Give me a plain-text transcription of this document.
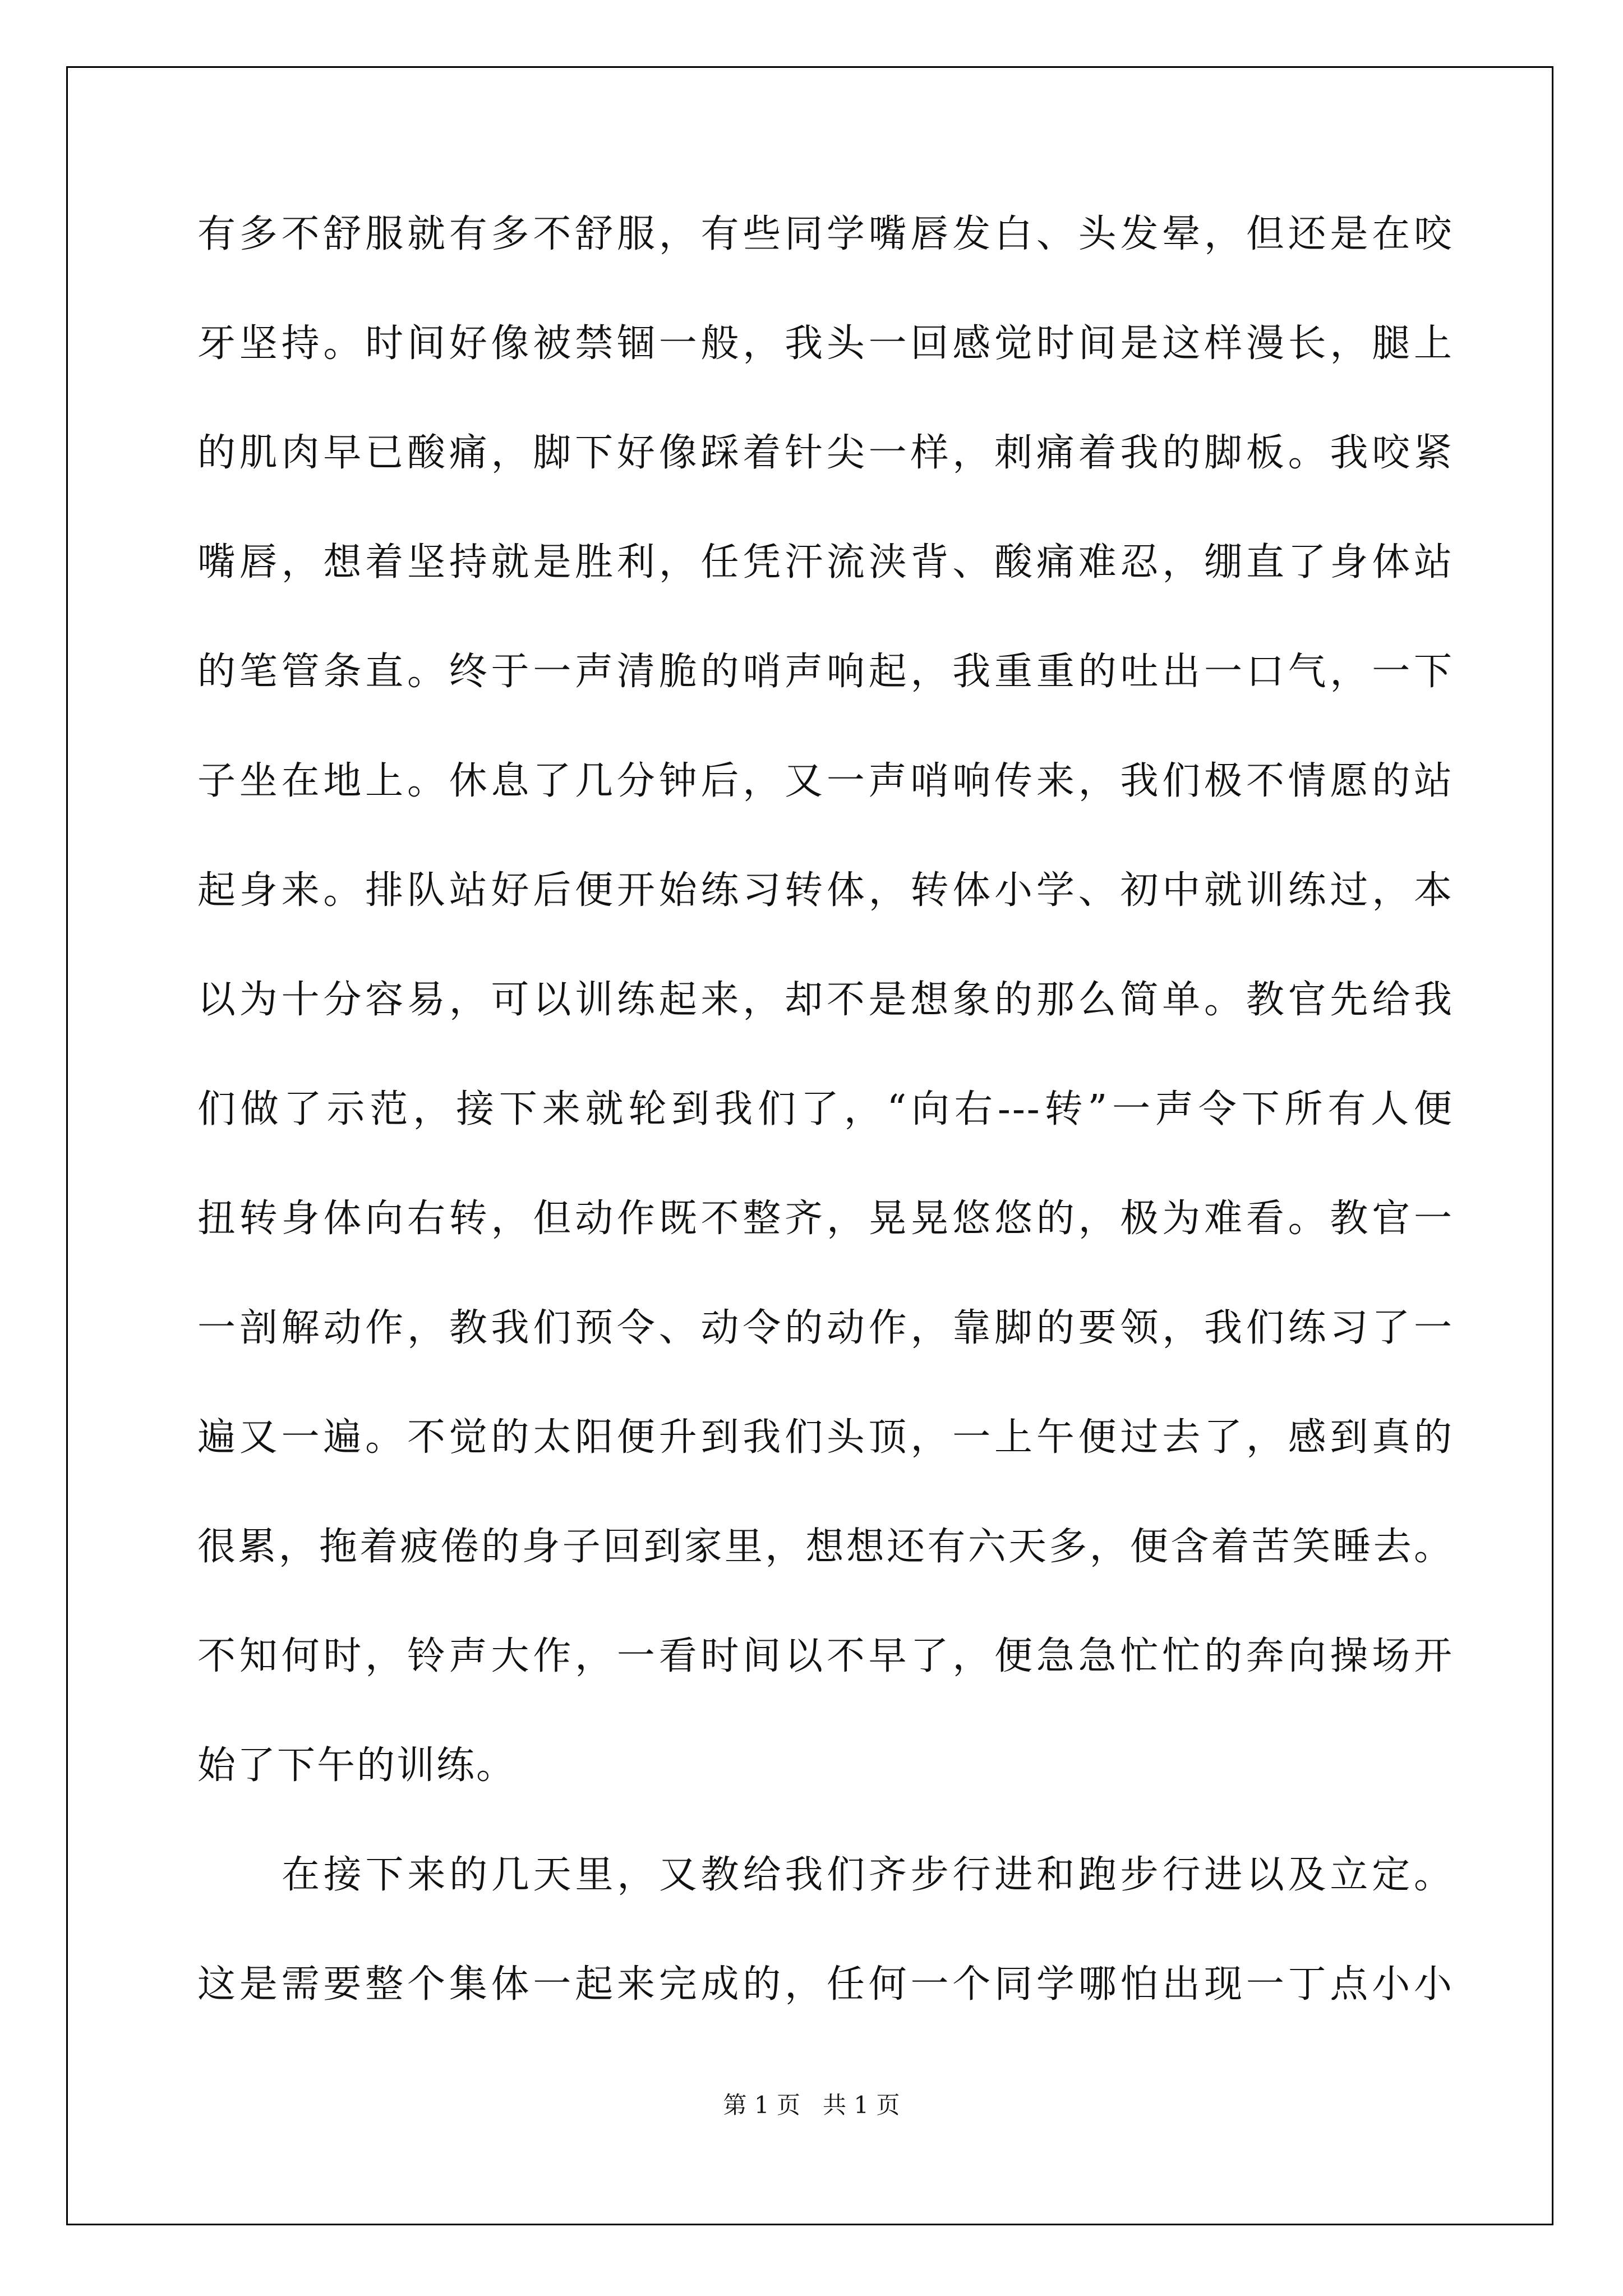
有多不舒服就有多不舒服，有些同学嘴唇发白、头发晕，但还是在咬
牙坚持。时间好像被禁锢一般，我头一回感觉时间是这样漫长，腿上
的肌肉早已酸痛，脚下好像踩着针尖一样，刺痛着我的脚板。我咬紧
嘴唇，想着坚持就是胜利，任凭汗流浃背、酸痛难忍，绷直了身体站
的笔管条直。终于一声清脆的哨声响起，我重重的吐出一口气，一下
子坐在地上。休息了几分钟后，又一声哨响传来，我们极不情愿的站
起身来。排队站好后便开始练习转体，转体小学、初中就训练过，本
以为十分容易，可以训练起来，却不是想象的那么简单。教官先给我
们做了示范，接下来就轮到我们了，“向右---转”一声令下所有人便
扭转身体向右转，但动作既不整齐，晃晃悠悠的，极为难看。教官一
一剖解动作，教我们预令、动令的动作，靠脚的要领，我们练习了一
遍又一遍。不觉的太阳便升到我们头顶，一上午便过去了，感到真的
很累，拖着疲倦的身子回到家里，想想还有六天多，便含着苦笑睡去。
不知何时，铃声大作，一看时间以不早了，便急急忙忙的奔向操场开
始了下午的训练。
在接下来的几天里，又教给我们齐步行进和跑步行进以及立定。
这是需要整个集体一起来完成的，任何一个同学哪怕出现一丁点小小
第 1 页   共 1 页
